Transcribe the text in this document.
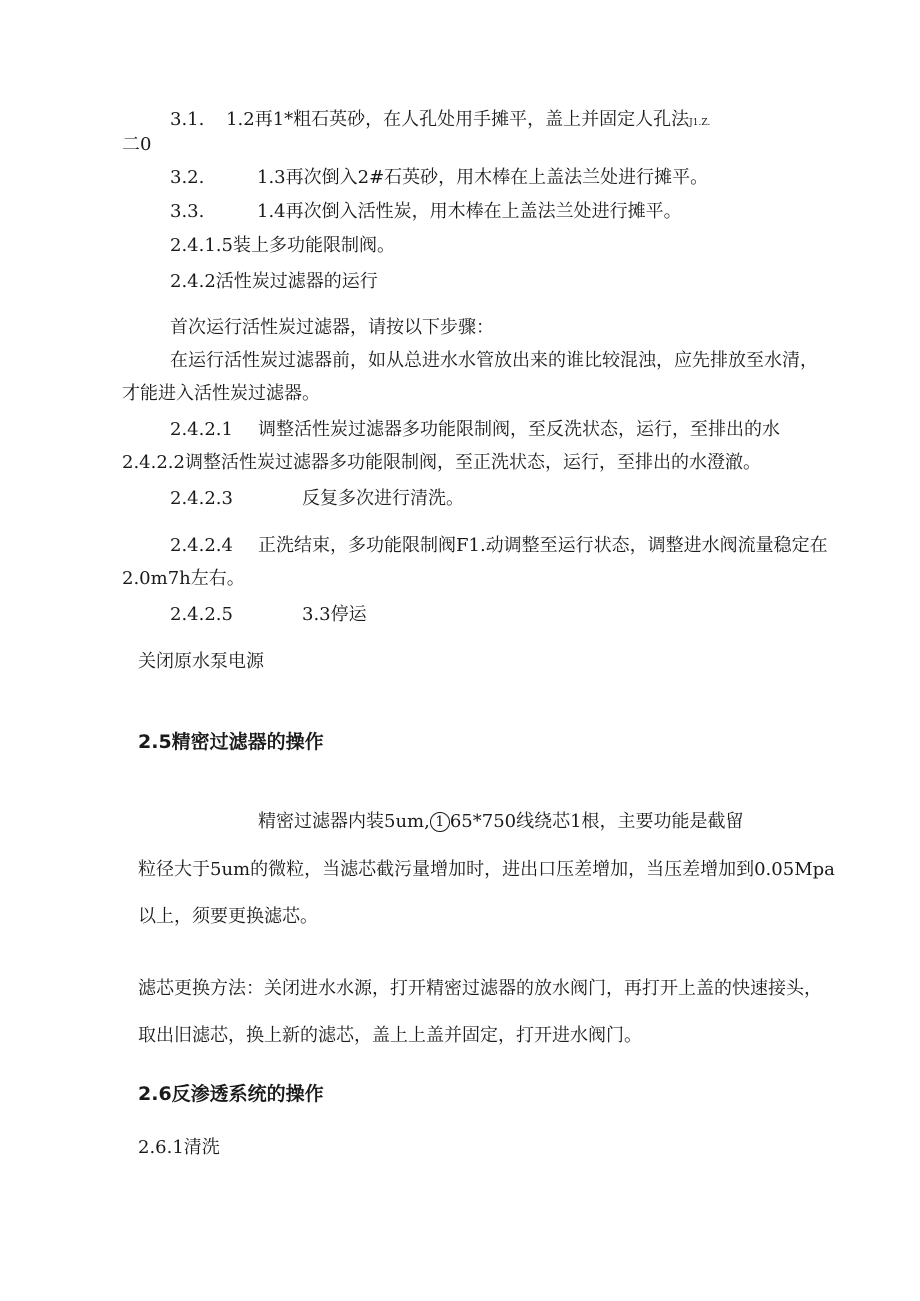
3.1. 1.2再1*粗石英砂，在人孔处用手摊平，盖上并固定人孔法J1.Z.
二0
3.2.	1.3再次倒入2#石英砂，用木棒在上盖法兰处进行摊平。
3.3.	1.4再次倒入活性炭，用木棒在上盖法兰处进行摊平。
2.4.1.5装上多功能限制阀。
2.4.2活性炭过滤器的运行
首次运行活性炭过滤器，请按以下步骤：
在运行活性炭过滤器前，如从总进水水管放出来的谁比较混浊，应先排放至水清，
才能进入活性炭过滤器。
2.4.2.1 调整活性炭过滤器多功能限制阀，至反洗状态，运行，至排出的水
2.4.2.2调整活性炭过滤器多功能限制阀，至正洗状态，运行，至排出的水澄澈。
2.4.2.3	反复多次进行清洗。
2.4.2.4 正洗结束，多功能限制阀F1.动调整至运行状态，调整进水阀流量稳定在
2.0m7h左右。
2.4.2.5	3.3停运
关闭原水泵电源
2.5精密过滤器的操作
精密过滤器内装5um, 1 65*750线绕芯1根，主要功能是截留
粒径大于5um的微粒，当滤芯截污量增加时，进出口压差增加，当压差增加到0.05Mpa
以上，须要更换滤芯。
滤芯更换方法：关闭进水水源，打开精密过滤器的放水阀门，再打开上盖的快速接头，
取出旧滤芯，换上新的滤芯，盖上上盖并固定，打开进水阀门。
2.6反渗透系统的操作
2.6.1清洗
